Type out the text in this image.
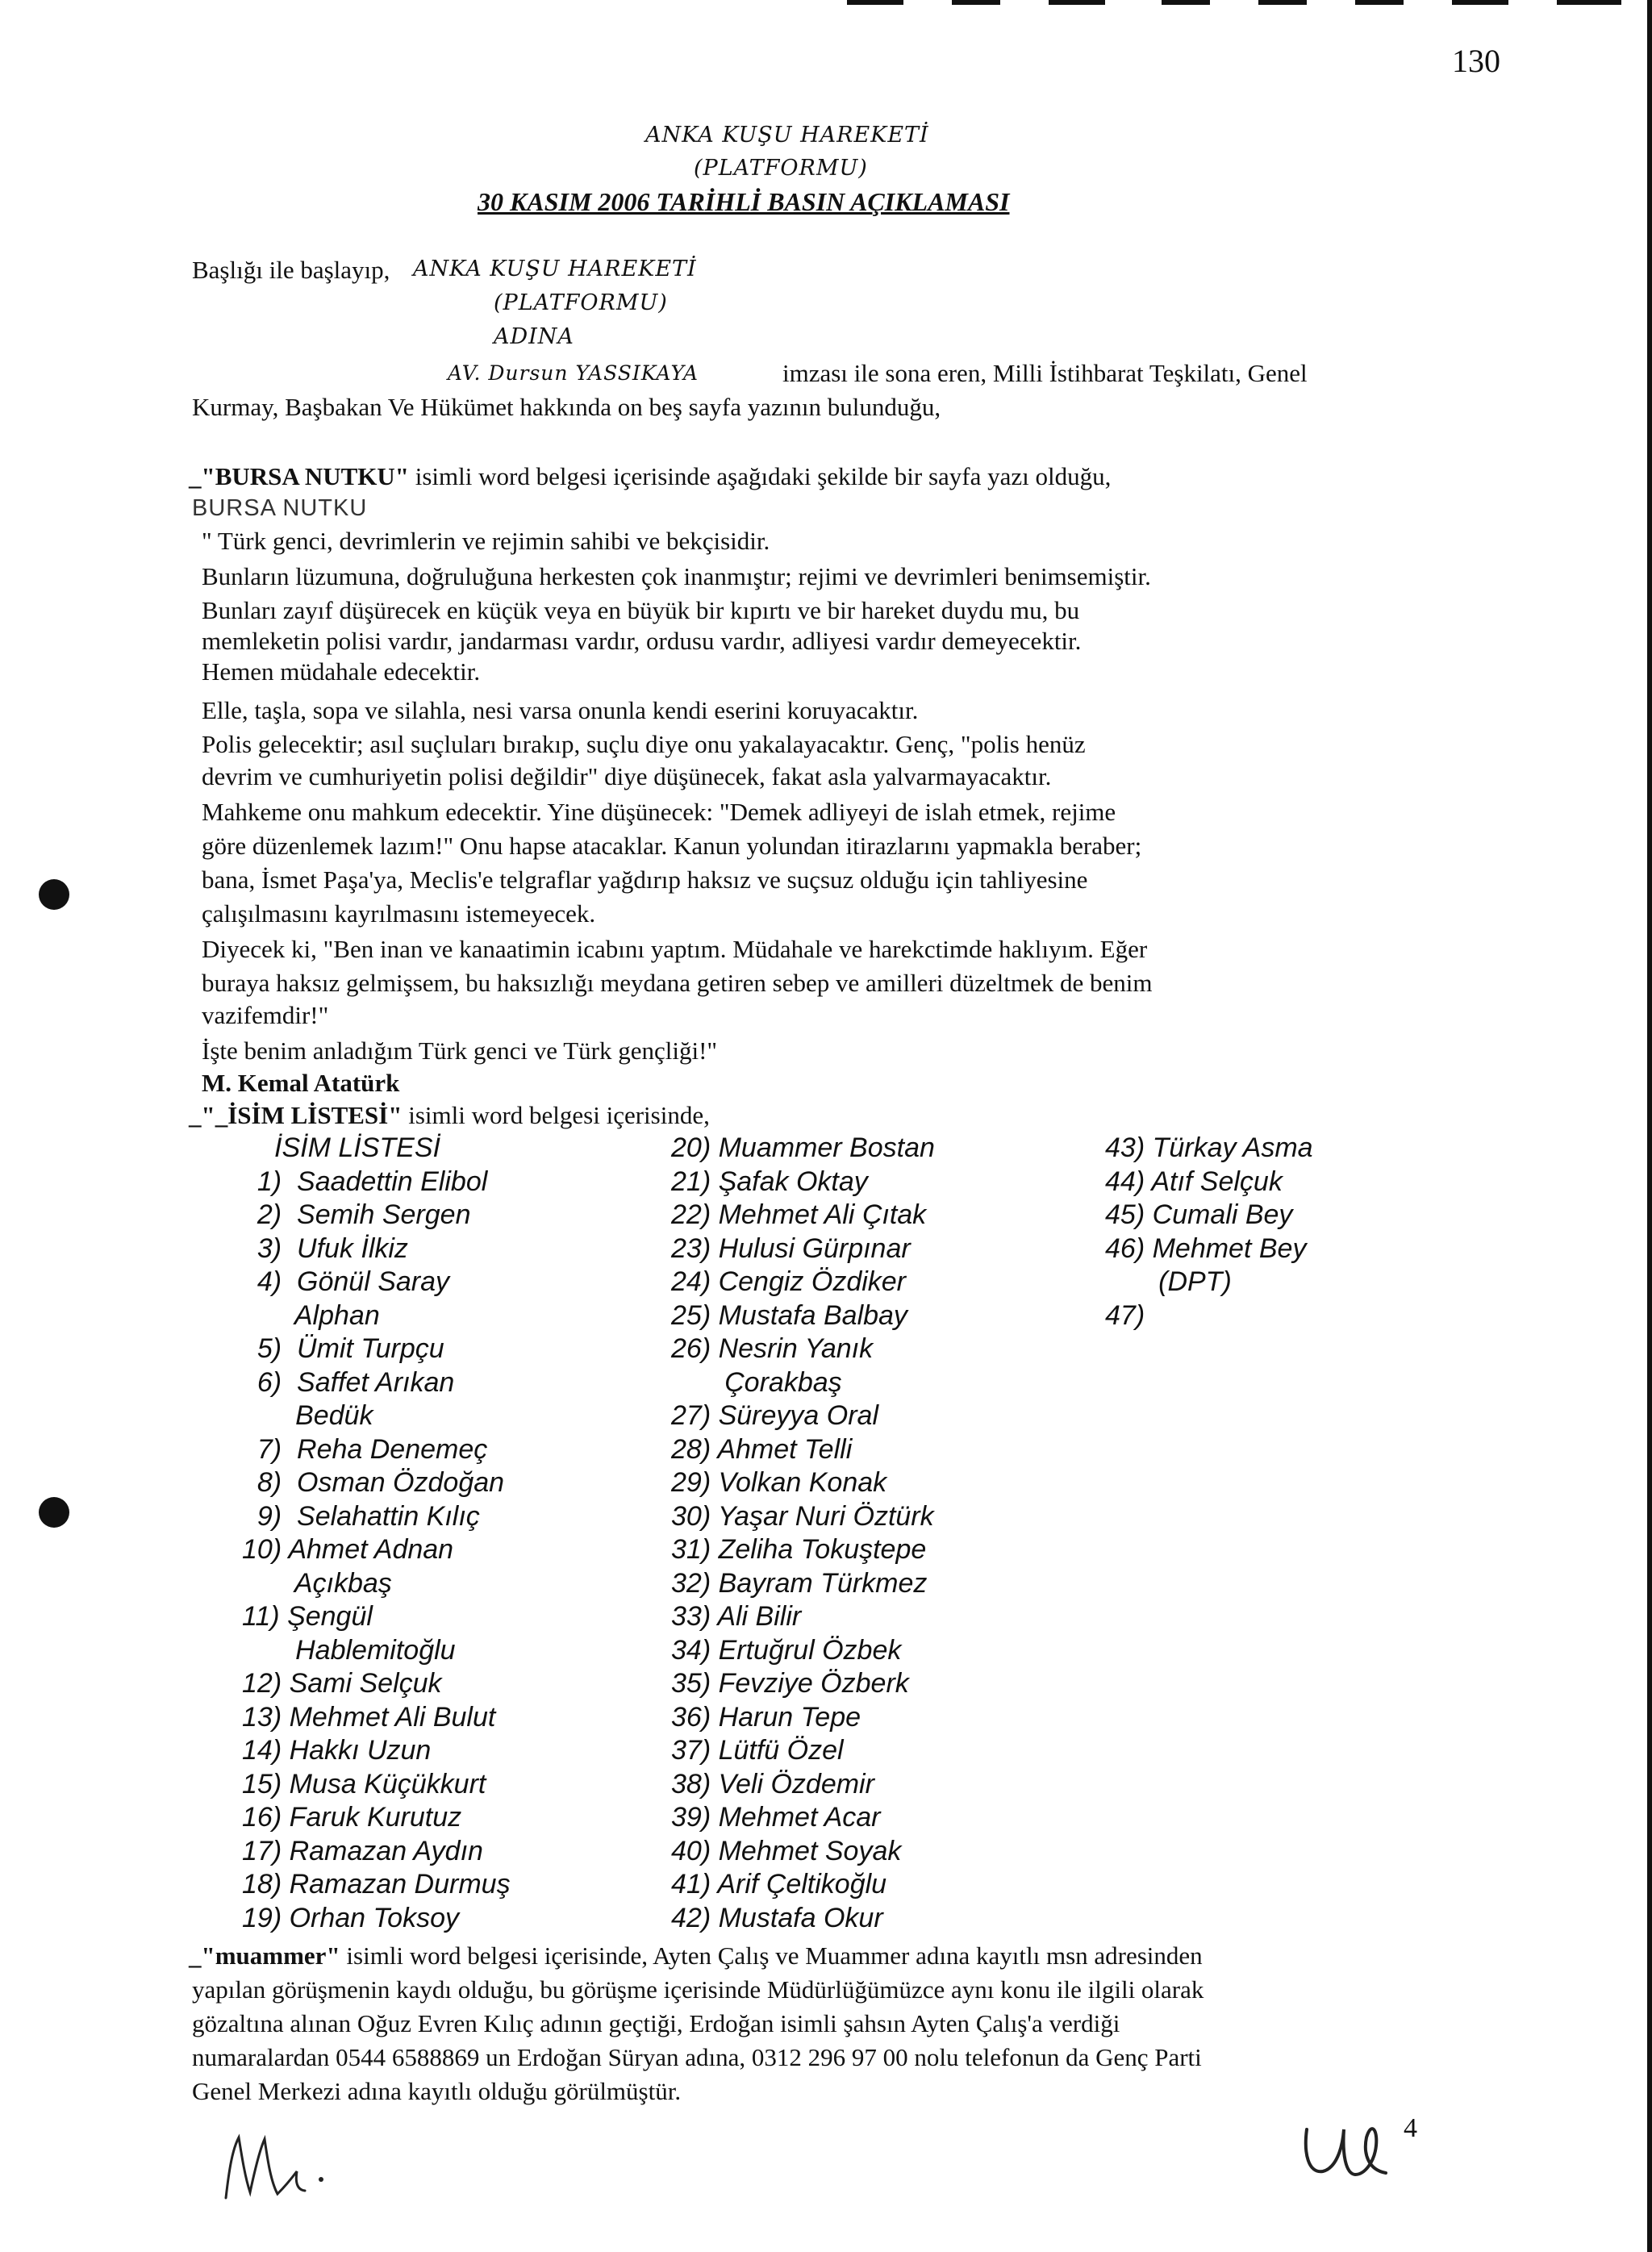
130
ANKA KUŞU HAREKETİ
(PLATFORMU)
30 KASIM 2006 TARİHLİ BASIN AÇIKLAMASI
Başlığı ile başlayıp, ANKA KUŞU HAREKETİ
(PLATFORMU)
ADINA
AV. Dursun YASSIKAYA	imzası ile sona eren, Milli İstihbarat Teşkilatı, Genel
Kurmay, Başbakan Ve Hükümet hakkında on beş sayfa yazının bulunduğu,
_"BURSA NUTKU" isimli word belgesi içerisinde aşağıdaki şekilde bir sayfa yazı olduğu,
BURSA NUTKU
" Türk genci, devrimlerin ve rejimin sahibi ve bekçisidir.
Bunların lüzumuna, doğruluğuna herkesten çok inanmıştır; rejimi ve devrimleri benimsemiştir.
Bunları zayıf düşürecek en küçük veya en büyük bir kıpırtı ve bir hareket duydu mu, bu
memleketin polisi vardır, jandarması vardır, ordusu vardır, adliyesi vardır demeyecektir.
Hemen müdahale edecektir.
Elle, taşla, sopa ve silahla, nesi varsa onunla kendi eserini koruyacaktır.
Polis gelecektir; asıl suçluları bırakıp, suçlu diye onu yakalayacaktır. Genç, "polis henüz
devrim ve cumhuriyetin polisi değildir" diye düşünecek, fakat asla yalvarmayacaktır.
Mahkeme onu mahkum edecektir. Yine düşünecek: "Demek adliyeyi de islah etmek, rejime
göre düzenlemek lazım!" Onu hapse atacaklar. Kanun yolundan itirazlarını yapmakla beraber;
bana, İsmet Paşa'ya, Meclis'e telgraflar yağdırıp haksız ve suçsuz olduğu için tahliyesine
çalışılmasını kayrılmasını istemeyecek.
Diyecek ki, "Ben inan ve kanaatimin icabını yaptım. Müdahale ve harekctimde haklıyım. Eğer
buraya haksız gelmişsem, bu haksızlığı meydana getiren sebep ve amilleri düzeltmek de benim
vazifemdir!"
İşte benim anladığım Türk genci ve Türk gençliği!"
M. Kemal Atatürk
_"_İSİM LİSTESİ" isimli word belgesi içerisinde,
İSİM LİSTESİ
1)  Saadettin Elibol
2)  Semih Sergen
3)  Ufuk İlkiz
4)  Gönül Saray
Alphan
5)  Ümit Turpçu
6)  Saffet Arıkan
Bedük
7)  Reha Denemeç
8)  Osman Özdoğan
9)  Selahattin Kılıç
10) Ahmet Adnan
Açıkbaş
11) Şengül
Hablemitoğlu
12) Sami Selçuk
13) Mehmet Ali Bulut
14) Hakkı Uzun
15) Musa Küçükkurt
16) Faruk Kurutuz
17) Ramazan Aydın
18) Ramazan Durmuş
19) Orhan Toksoy
20) Muammer Bostan
21) Şafak Oktay
22) Mehmet Ali Çıtak
23) Hulusi Gürpınar
24) Cengiz Özdiker
25) Mustafa Balbay
26) Nesrin Yanık
Çorakbaş
27) Süreyya Oral
28) Ahmet Telli
29) Volkan Konak
30) Yaşar Nuri Öztürk
31) Zeliha Tokuştepe
32) Bayram Türkmez
33) Ali Bilir
34) Ertuğrul Özbek
35) Fevziye Özberk
36) Harun Tepe
37) Lütfü Özel
38) Veli Özdemir
39) Mehmet Acar
40) Mehmet Soyak
41) Arif Çeltikoğlu
42) Mustafa Okur
43) Türkay Asma
44) Atıf Selçuk
45) Cumali Bey
46) Mehmet Bey
(DPT)
47)
_"muammer" isimli word belgesi içerisinde, Ayten Çalış ve Muammer adına kayıtlı msn adresinden
yapılan görüşmenin kaydı olduğu, bu görüşme içerisinde Müdürlüğümüzce aynı konu ile ilgili olarak
gözaltına alınan Oğuz Evren Kılıç adının geçtiği, Erdoğan isimli şahsın Ayten Çalış'a verdiği
numaralardan 0544 6588869 un Erdoğan Süryan adına, 0312 296 97 00 nolu telefonun da Genç Parti
Genel Merkezi adına kayıtlı olduğu görülmüştür.
4
